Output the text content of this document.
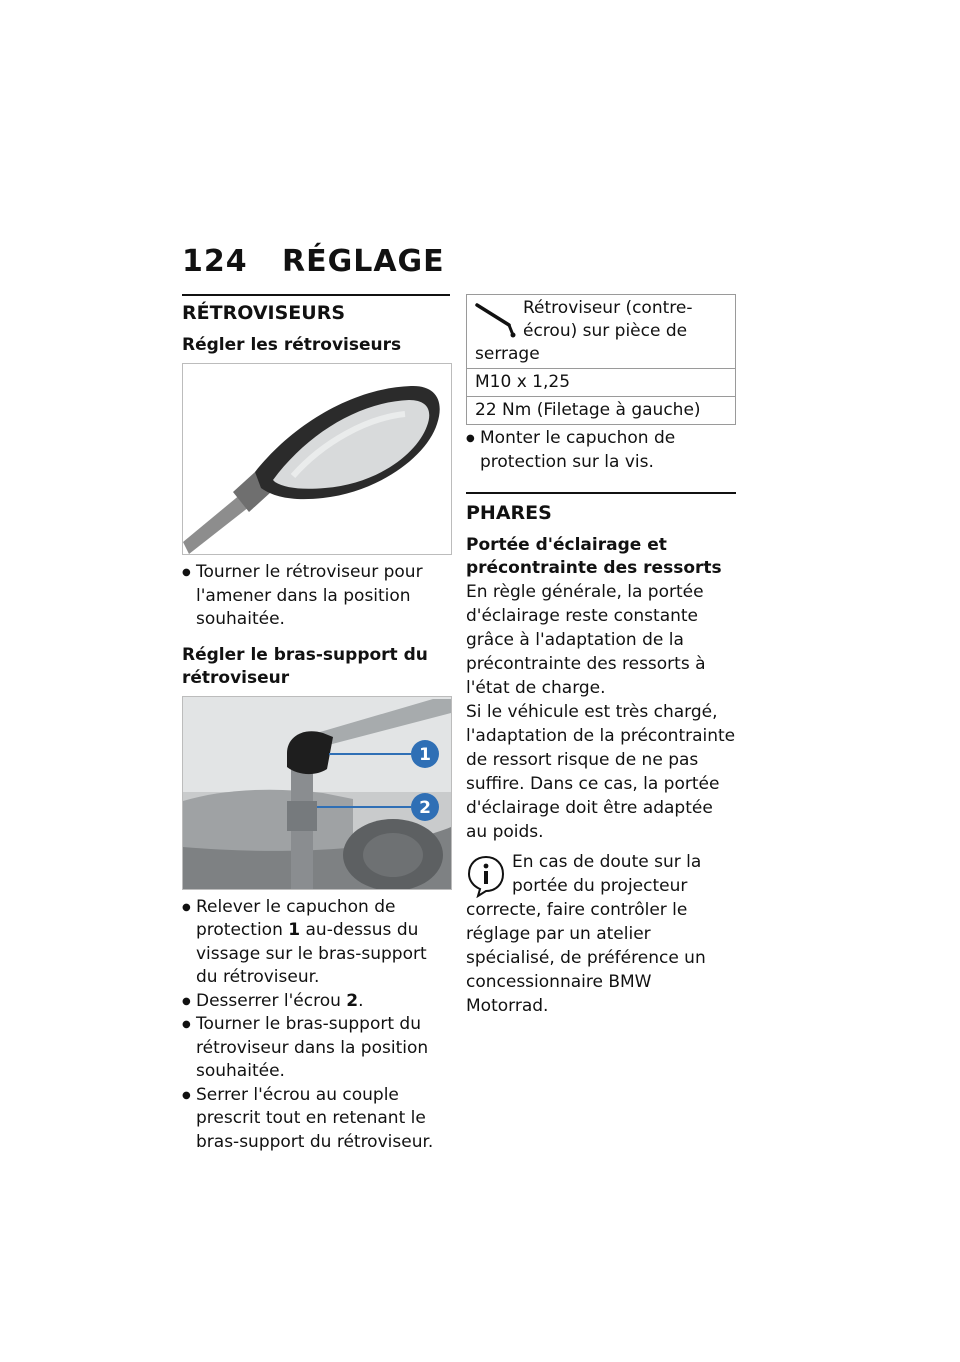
124 RÉGLAGE
RÉTROVISEURS
Régler les rétroviseurs
● Tourner le rétroviseur pour l'amener dans la position souhaitée.
Régler le bras-support du rétroviseur
1
2
● Relever le capuchon de protection 1 au-dessus du vissage sur le bras-support du rétroviseur.
● Desserrer l'écrou 2.
● Tourner le bras-support du rétroviseur dans la position souhaitée.
● Serrer l'écrou au couple prescrit tout en retenant le bras-support du rétroviseur.
Rétroviseur (contre-écrou) sur pièce de serrage
M10 x 1,25
22 Nm (Filetage à gauche)
● Monter le capuchon de protection sur la vis.
PHARES
Portée d'éclairage et précontrainte des ressorts

En règle générale, la portée d'éclairage reste constante grâce à l'adaptation de la précontrainte des ressorts à l'état de charge.

Si le véhicule est très chargé, l'adaptation de la précontrainte de ressort risque de ne pas suffire. Dans ce cas, la portée d'éclairage doit être adaptée au poids.

En cas de doute sur la portée du projecteur correcte, faire contrôler le réglage par un atelier spécialisé, de préférence un concessionnaire BMW Motorrad.
